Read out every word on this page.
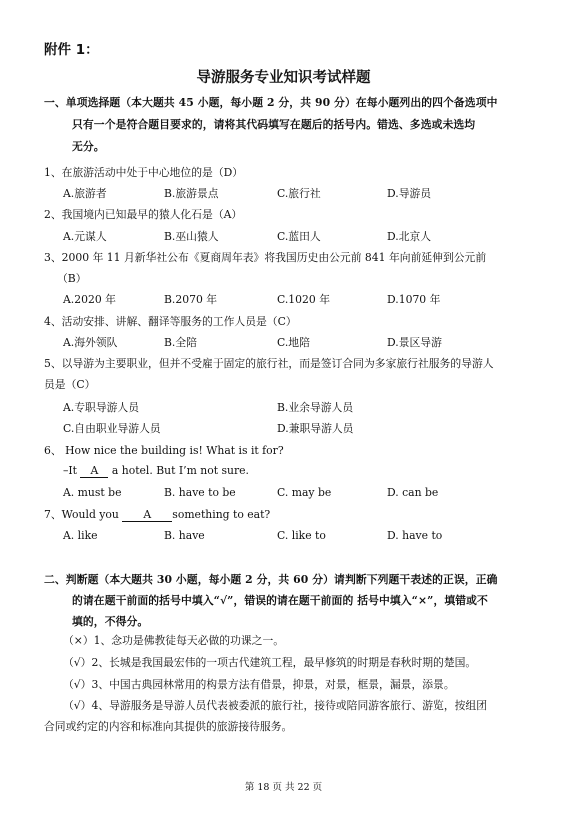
附件 1：
导游服务专业知识考试样题
一、单项选择题（本大题共 45 小题，每小题 2 分，共 90 分）在每小题列出的四个备选项中
只有一个是符合题目要求的，请将其代码填写在题后的括号内。错选、多选或未选均
无分。
1、在旅游活动中处于中心地位的是（D）
A.旅游者	B.旅游景点	C.旅行社	D.导游员
2、我国境内已知最早的猿人化石是（A）
A.元谋人	B.巫山猿人	C.蓝田人	D.北京人
3、2000 年 11 月新华社公布《夏商周年表》将我国历史由公元前 841 年向前延伸到公元前
（B）
A.2020 年	B.2070 年	C.1020 年	D.1070 年
4、活动安排、讲解、翻译等服务的工作人员是（C）
A.海外领队	B.全陪	C.地陪	D.景区导游
5、以导游为主要职业，但并不受雇于固定的旅行社，而是签订合同为多家旅行社服务的导游人
员是（C）
A.专职导游人员	B.业余导游人员
C.自由职业导游人员	D.兼职导游人员
6、 How nice the building is! What is it for?
–It A a hotel. But I’m not sure.
A. must be	B. have to be	C. may be	D. can be
7、Would you A something to eat?
A. like	B. have	C. like to	D. have to
二、判断题（本大题共 30 小题，每小题 2 分，共 60 分）请判断下列题干表述的正误，正确
的请在题干前面的括号中填入“√”，错误的请在题干前面的 括号中填入“×”，填错或不
填的，不得分。
（×）1、念功是佛教徒每天必做的功课之一。
（√）2、长城是我国最宏伟的一项古代建筑工程，最早修筑的时期是春秋时期的楚国。
（√）3、中国古典园林常用的构景方法有借景，抑景，对景，框景，漏景，添景。
（√）4、导游服务是导游人员代表被委派的旅行社，接待或陪同游客旅行、游览，按组团
合同或约定的内容和标准向其提供的旅游接待服务。
第 18 页 共 22 页
